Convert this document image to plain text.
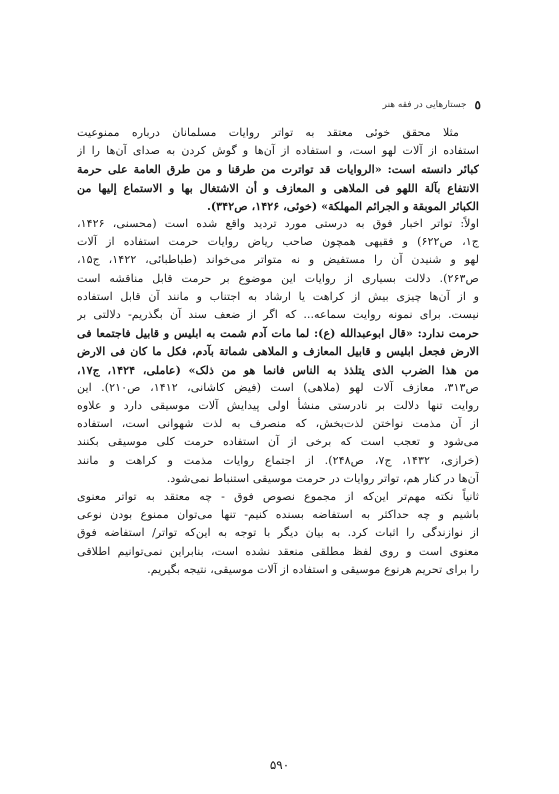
٥
جستارهایی در فقه هنر
مثلا محقق خوئی معتقد به تواتر روایات مسلمانان درباره ممنوعیت
استفاده از آلات لهو است، و استفاده از آن‌ها و گوش کردن به صدای آن‌ها را از
کبائر دانسته است: «الروایات قد تواترت من طرقنا و من طرق العامة علی حرمة
الانتفاع بآلة اللهو فی الملاهی و المعازف و أن الاشتغال بها و الاستماع إلیها من
الکبائر الموبقة و الجرائم المهلکة» (خوئی، ۱۴۲۶، ص۳۴۲).
اولاً: تواتر اخبار فوق به درستی مورد تردید واقع شده است (محسنی، ۱۴۲۶،
ج۱، ص۶۲۲) و فقیهی همچون صاحب ریاض روایات حرمت استفاده از آلات
لهو و شنیدن آن را مستفیض و نه متواتر می‌خواند (طباطبائی، ۱۴۲۲، ج۱۵،
ص۲۶۳). دلالت بسیاری از روایات این موضوع بر حرمت قابل مناقشه است
و از آن‌ها چیزی بیش از کراهت یا ارشاد به اجتناب و مانند آن قابل استفاده
نیست. برای نمونه روایت سماعه... که اگر از ضعف سند آن بگذریم- دلالتی بر
حرمت ندارد: «قال ابوعبدالله (ع): لما مات آدم شمت به ابلیس و قابیل فاجتمعا فی
الارض فجعل ابلیس و قابیل المعازف و الملاهی شماتة بآدم، فکل ما کان فی الارض
من هذا الضرب الذی یتلذذ به الناس فانما هو من ذلک» (عاملی، ۱۴۲۴، ج۱۷،
ص۳۱۳، معازف آلات لهو (ملاهی) است (فیض کاشانی، ۱۴۱۲، ص۲۱۰). این
روایت تنها دلالت بر نادرستی منشأ اولی پیدایش آلات موسیقی دارد و علاوه
از آن مذمت نواختن لذت‌بخش، که منصرف به لذت شهوانی است، استفاده
می‌شود و تعجب است که برخی از آن استفاده حرمت کلی موسیقی بکنند
(خرازی، ۱۴۳۲، ج۷، ص۲۴۸). از اجتماع روایات مذمت و کراهت و مانند
آن‌ها در کنار هم، تواتر روایات در حرمت موسیقی استنباط نمی‌شود.
ثانیاً نکته مهم‌تر این‌که از مجموع نصوص فوق - چه معتقد به تواتر معنوی
باشیم و چه حداکثر به استفاضه بسنده کنیم- تنها می‌توان ممنوع بودن نوعی
از نوازندگی را اثبات کرد. به بیان دیگر با توجه به این‌که تواتر/ استفاضه فوق
معنوی است و روی لفظ مطلقی منعقد نشده است، بنابراین نمی‌توانیم اطلاقی
را برای تحریم هرنوع موسیقی و استفاده از آلات موسیقی، نتیجه بگیریم.
۵۹۰
